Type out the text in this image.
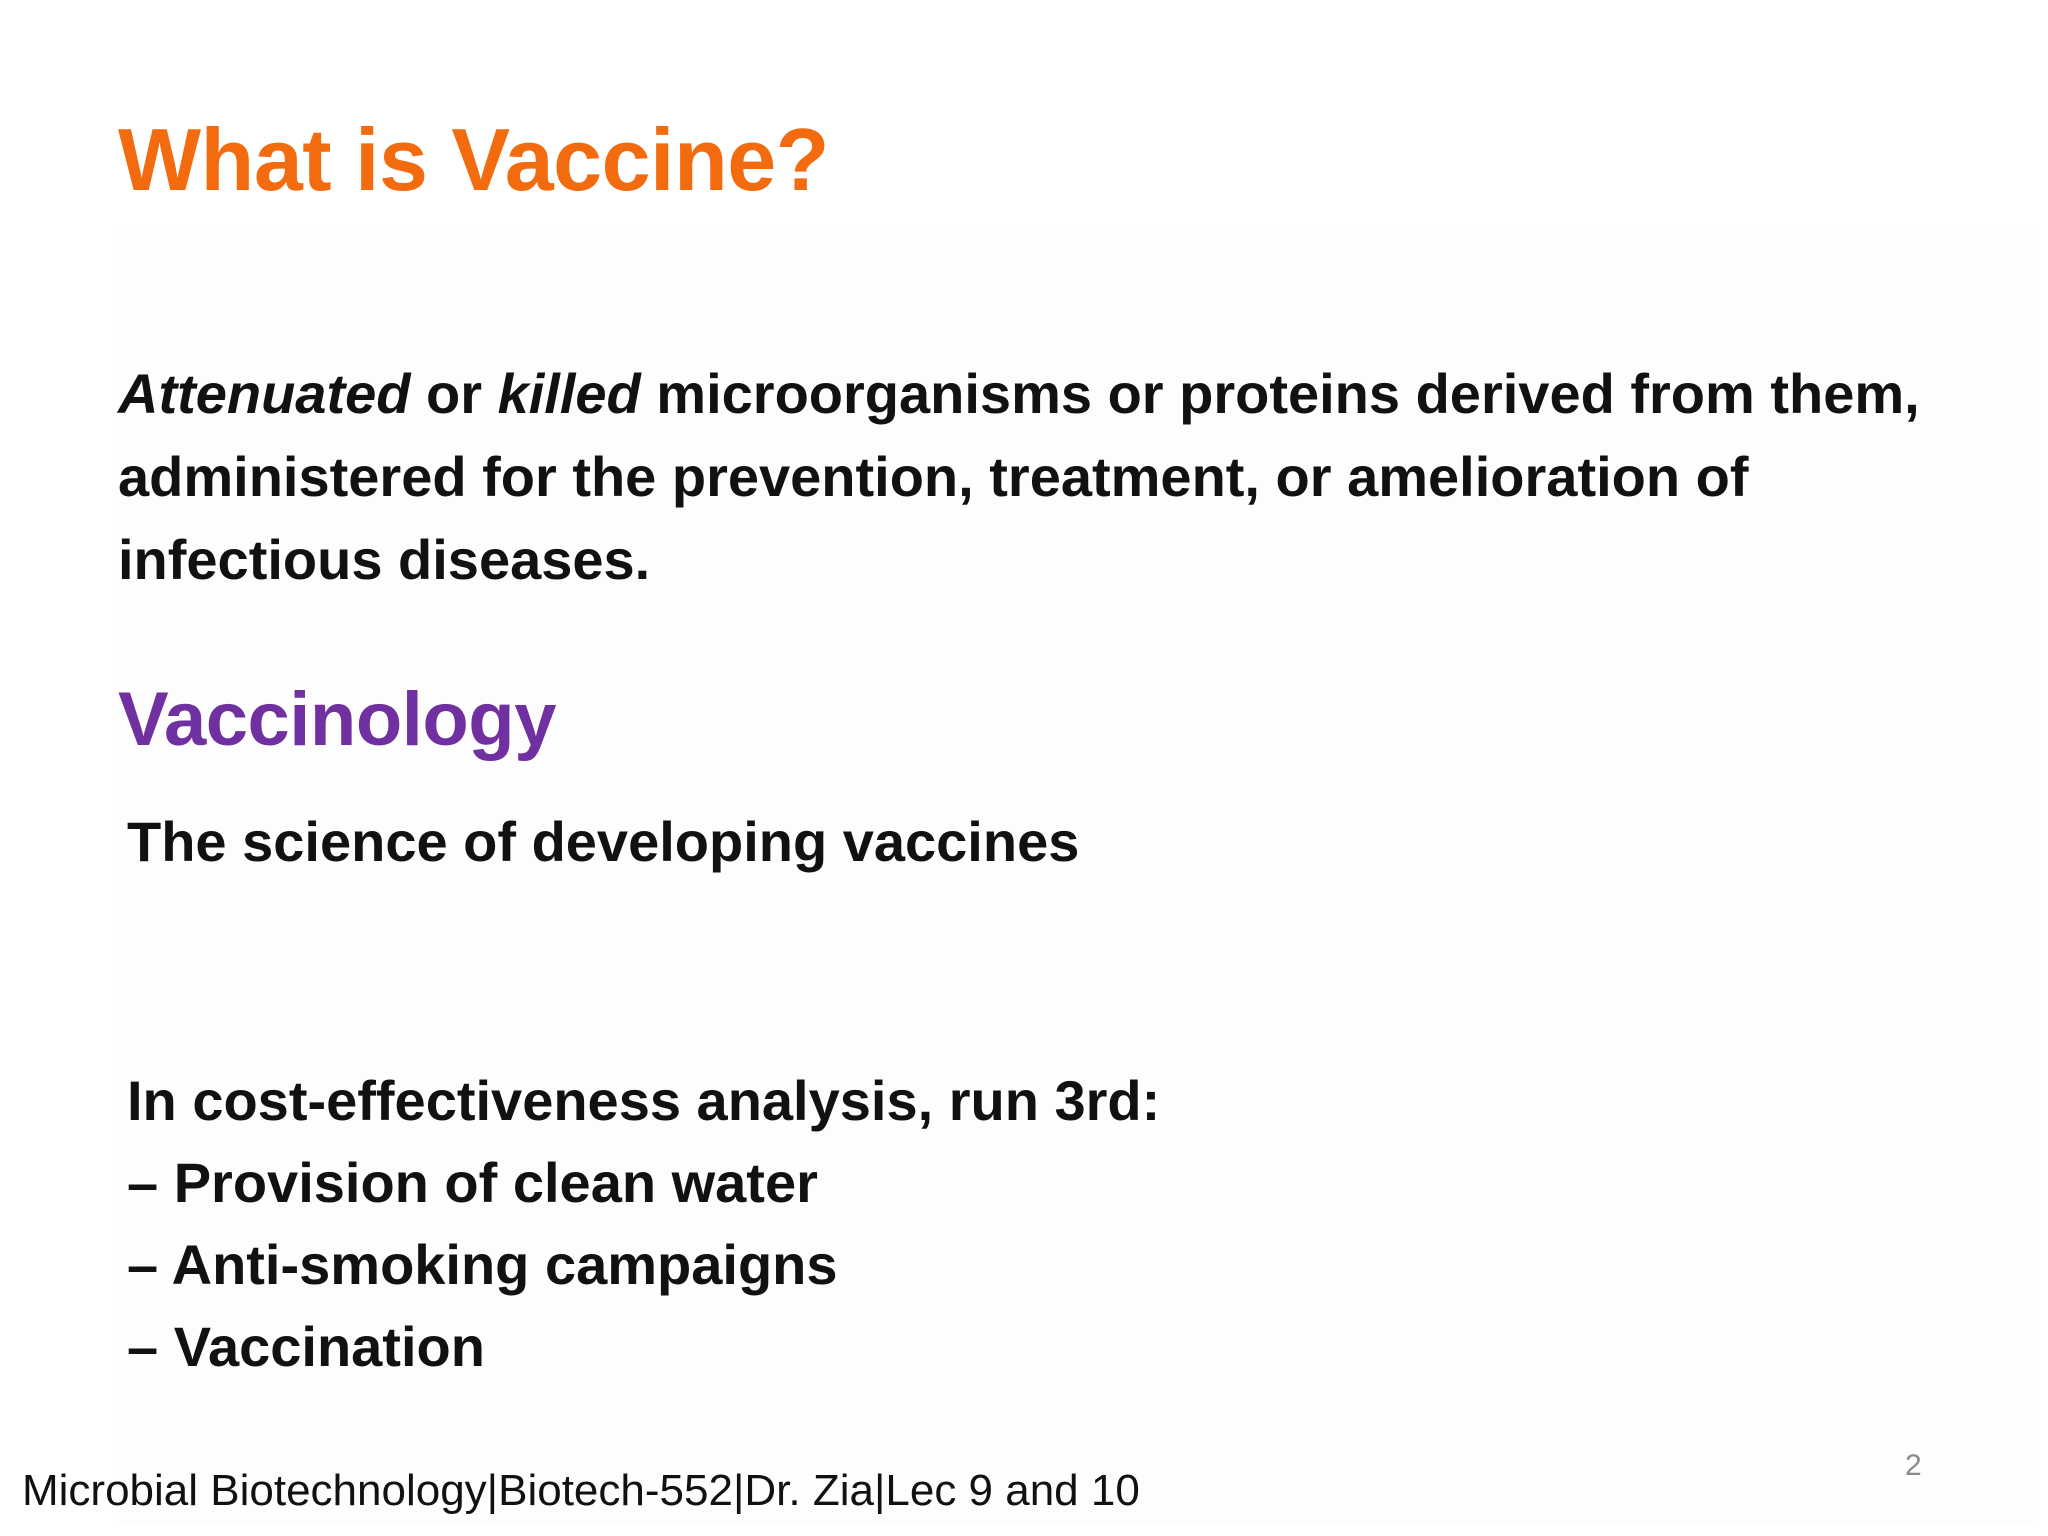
What is Vaccine?

Attenuated or killed microorganisms or proteins derived from them, administered for the prevention, treatment, or amelioration of infectious diseases.

Vaccinology

The science of developing vaccines

In cost-effectiveness analysis, run 3rd:
– Provision of clean water
– Anti-smoking campaigns
– Vaccination

Microbial Biotechnology|Biotech-552|Dr. Zia|Lec 9 and 10

2
